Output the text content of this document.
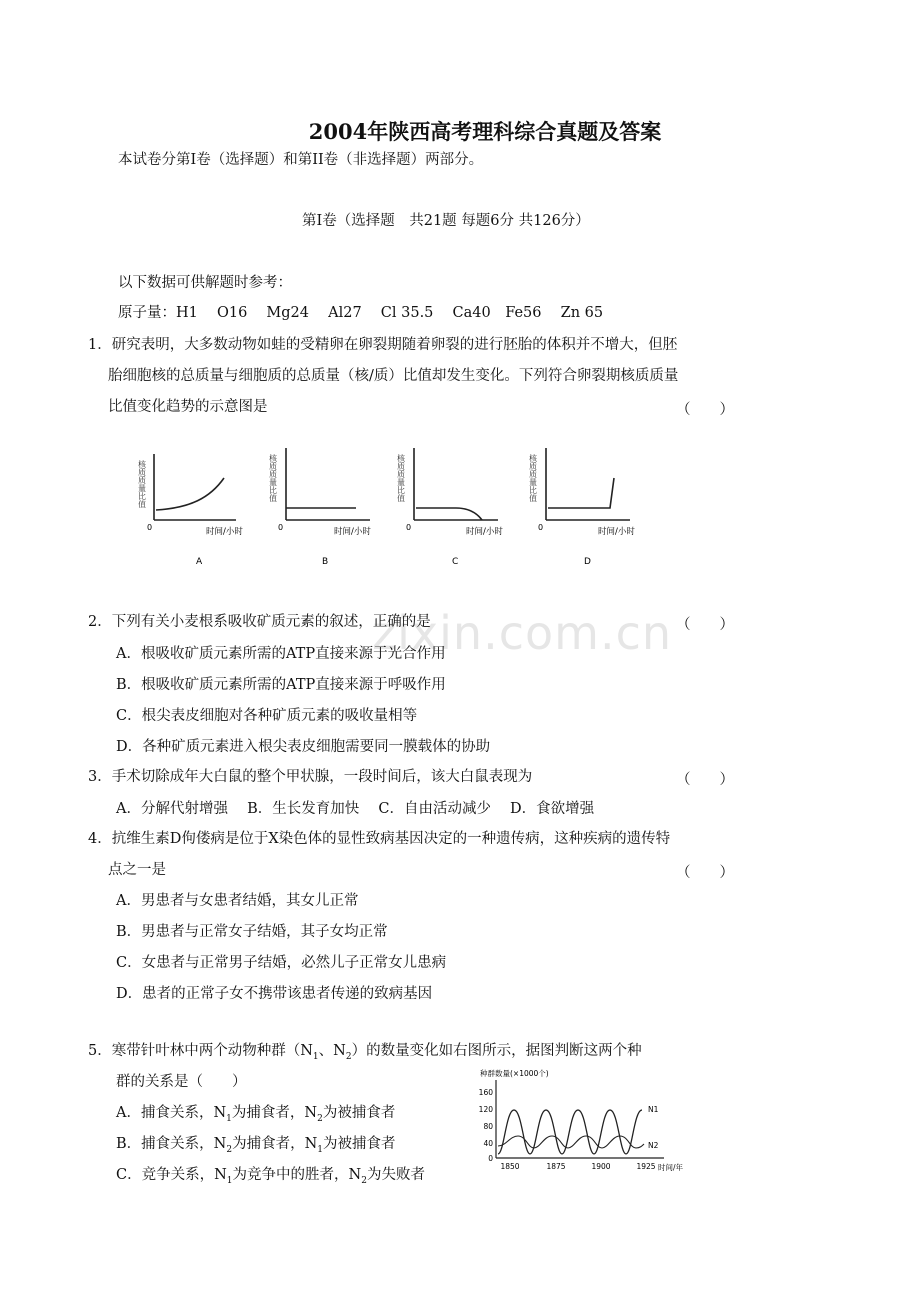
zixin.com.cn
2004年陕西高考理科综合真题及答案
本试卷分第Ⅰ卷（选择题）和第II卷（非选择题）两部分。
第Ⅰ卷（选择题　共21题 每题6分 共126分）
以下数据可供解题时参考：
原子量：H1　 O16　 Mg24　 Al27　 Cl 35.5　 Ca40　Fe56　 Zn 65
1．研究表明，大多数动物如蛙的受精卵在卵裂期随着卵裂的进行胚胎的体积并不增大，但胚
胎细胞核的总质量与细胞质的总质量（核/质）比值却发生变化。下列符合卵裂期核质质量
比值变化趋势的示意图是	（　　）
核质质量比值
0	时间/小时
A
核质质量比值
0	时间/小时
B
核质质量比值
0	时间/小时
C
核质质量比值
0	时间/小时
D
2．下列有关小麦根系吸收矿质元素的叙述，正确的是	（　　）
A．根吸收矿质元素所需的ATP直接来源于光合作用
B．根吸收矿质元素所需的ATP直接来源于呼吸作用
C．根尖表皮细胞对各种矿质元素的吸收量相等
D．各种矿质元素进入根尖表皮细胞需要同一膜载体的协助
3．手术切除成年大白鼠的整个甲状腺，一段时间后，该大白鼠表现为	（　　）
A．分解代射增强　 B．生长发育加快　 C．自由活动减少　 D．食欲增强
4．抗维生素D佝偻病是位于X染色体的显性致病基因决定的一种遗传病，这种疾病的遗传特
点之一是	（　　）
A．男患者与女患者结婚，其女儿正常
B．男患者与正常女子结婚，其子女均正常
C．女患者与正常男子结婚，必然儿子正常女儿患病
D．患者的正常子女不携带该患者传递的致病基因
5．寒带针叶林中两个动物种群（$N_1$、$N_2$）的数量变化如右图所示，据图判断这两个种
群的关系是（　　）
A．捕食关系，$N_1$为捕食者，$N_2$为被捕食者
B．捕食关系，$N_2$为捕食者，$N_1$为被捕食者
C．竞争关系，$N_1$为竞争中的胜者，$N_2$为失败者
种群数量(×1000个)
0
40
80
120
160
1850	1875	1900	1925 时间/年
N1
N2
